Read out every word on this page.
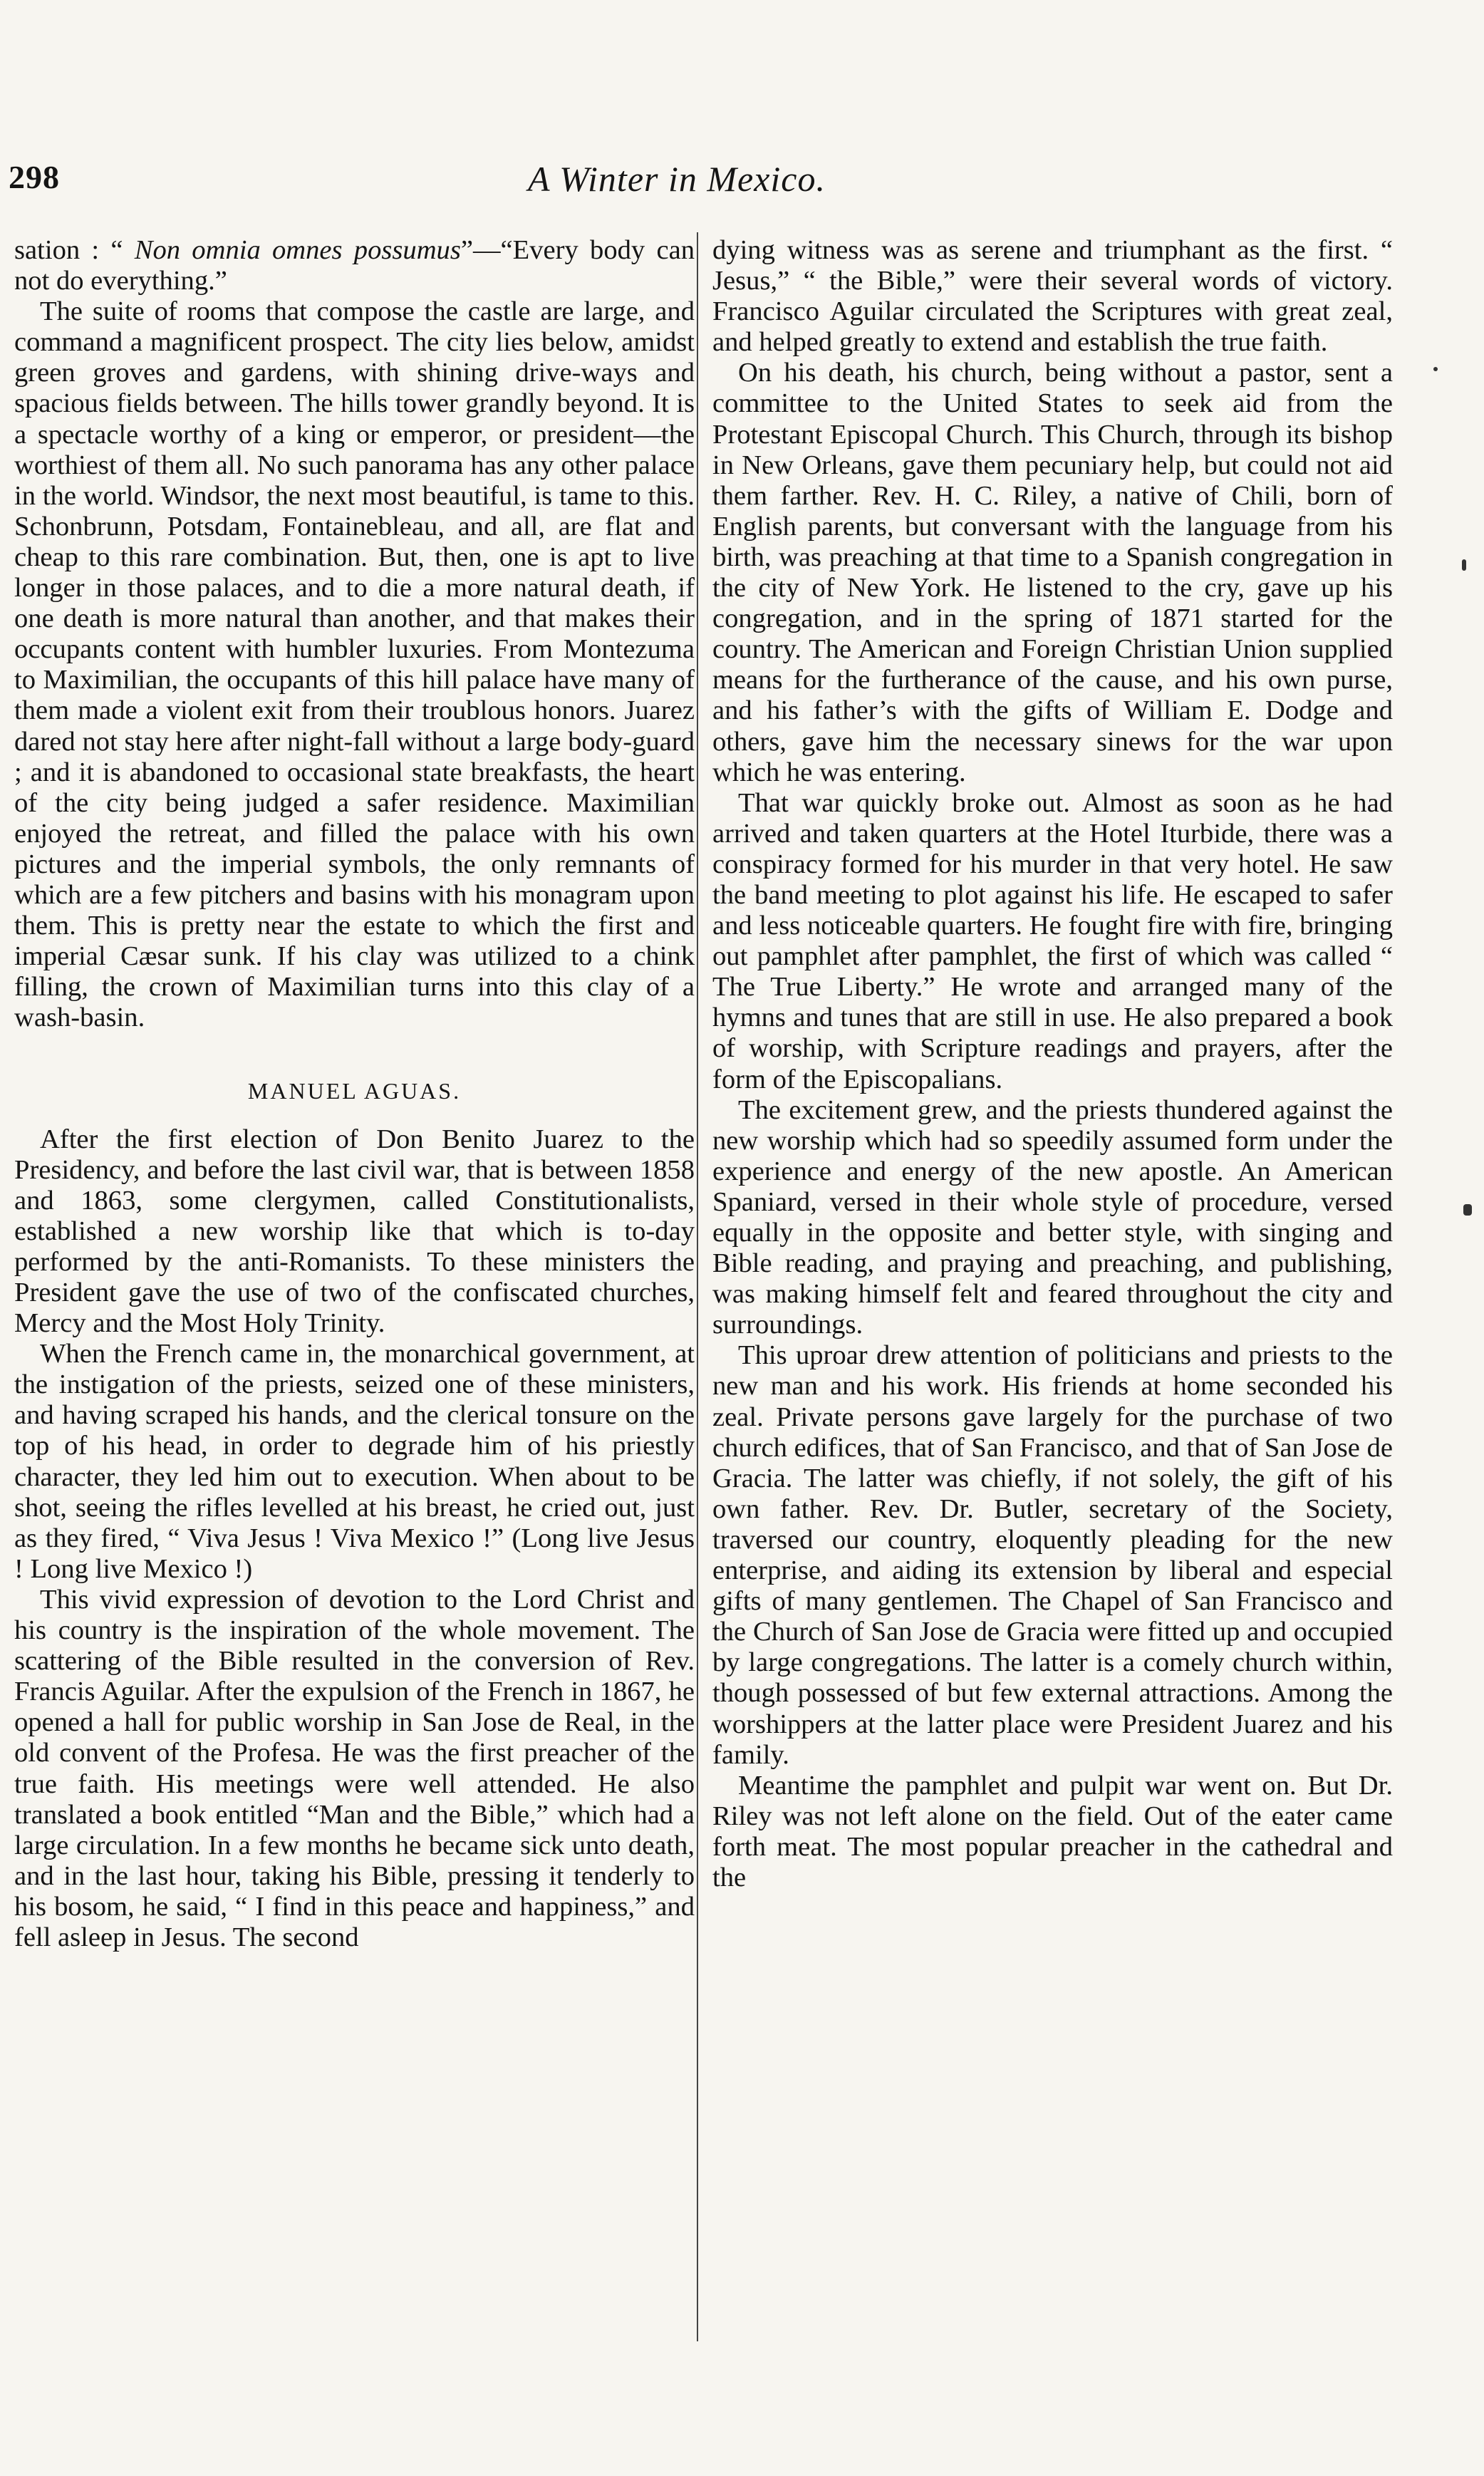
298	A Winter in Mexico.

sation : “ Non omnia omnes possumus”—“Every body can not do everything.”

The suite of rooms that compose the castle are large, and command a magnificent prospect. The city lies below, amidst green groves and gardens, with shining drive-ways and spacious fields between. The hills tower grandly beyond. It is a spectacle worthy of a king or emperor, or president—the worthiest of them all. No such panorama has any other palace in the world. Windsor, the next most beautiful, is tame to this. Schonbrunn, Potsdam, Fontainebleau, and all, are flat and cheap to this rare combination. But, then, one is apt to live longer in those palaces, and to die a more natural death, if one death is more natural than another, and that makes their occupants content with humbler luxuries. From Montezuma to Maximilian, the occupants of this hill palace have many of them made a violent exit from their troublous honors. Juarez dared not stay here after night-fall without a large body-guard ; and it is abandoned to occasional state breakfasts, the heart of the city being judged a safer residence. Maximilian enjoyed the retreat, and filled the palace with his own pictures and the imperial symbols, the only remnants of which are a few pitchers and basins with his monagram upon them. This is pretty near the estate to which the first and imperial Cæsar sunk. If his clay was utilized to a chink filling, the crown of Maximilian turns into this clay of a wash-basin.

MANUEL AGUAS.

After the first election of Don Benito Juarez to the Presidency, and before the last civil war, that is between 1858 and 1863, some clergymen, called Constitutionalists, established a new worship like that which is to-day performed by the anti-Romanists. To these ministers the President gave the use of two of the confiscated churches, Mercy and the Most Holy Trinity.

When the French came in, the monarchical government, at the instigation of the priests, seized one of these ministers, and having scraped his hands, and the clerical tonsure on the top of his head, in order to degrade him of his priestly character, they led him out to execution. When about to be shot, seeing the rifles levelled at his breast, he cried out, just as they fired, “ Viva Jesus ! Viva Mexico !” (Long live Jesus ! Long live Mexico !)

This vivid expression of devotion to the Lord Christ and his country is the inspiration of the whole movement. The scattering of the Bible resulted in the conversion of Rev. Francis Aguilar. After the expulsion of the French in 1867, he opened a hall for public worship in San Jose de Real, in the old convent of the Profesa. He was the first preacher of the true faith. His meetings were well attended. He also translated a book entitled “Man and the Bible,” which had a large circulation. In a few months he became sick unto death, and in the last hour, taking his Bible, pressing it tenderly to his bosom, he said, “ I find in this peace and happiness,” and fell asleep in Jesus. The second

dying witness was as serene and triumphant as the first. “ Jesus,” “ the Bible,” were their several words of victory. Francisco Aguilar circulated the Scriptures with great zeal, and helped greatly to extend and establish the true faith.

On his death, his church, being without a pastor, sent a committee to the United States to seek aid from the Protestant Episcopal Church. This Church, through its bishop in New Orleans, gave them pecuniary help, but could not aid them farther. Rev. H. C. Riley, a native of Chili, born of English parents, but conversant with the language from his birth, was preaching at that time to a Spanish congregation in the city of New York. He listened to the cry, gave up his congregation, and in the spring of 1871 started for the country. The American and Foreign Christian Union supplied means for the furtherance of the cause, and his own purse, and his father’s with the gifts of William E. Dodge and others, gave him the necessary sinews for the war upon which he was entering.

That war quickly broke out. Almost as soon as he had arrived and taken quarters at the Hotel Iturbide, there was a conspiracy formed for his murder in that very hotel. He saw the band meeting to plot against his life. He escaped to safer and less noticeable quarters. He fought fire with fire, bringing out pamphlet after pamphlet, the first of which was called “ The True Liberty.” He wrote and arranged many of the hymns and tunes that are still in use. He also prepared a book of worship, with Scripture readings and prayers, after the form of the Episcopalians.

The excitement grew, and the priests thundered against the new worship which had so speedily assumed form under the experience and energy of the new apostle. An American Spaniard, versed in their whole style of procedure, versed equally in the opposite and better style, with singing and Bible reading, and praying and preaching, and publishing, was making himself felt and feared throughout the city and surroundings.

This uproar drew attention of politicians and priests to the new man and his work. His friends at home seconded his zeal. Private persons gave largely for the purchase of two church edifices, that of San Francisco, and that of San Jose de Gracia. The latter was chiefly, if not solely, the gift of his own father. Rev. Dr. Butler, secretary of the Society, traversed our country, eloquently pleading for the new enterprise, and aiding its extension by liberal and especial gifts of many gentlemen. The Chapel of San Francisco and the Church of San Jose de Gracia were fitted up and occupied by large congregations. The latter is a comely church within, though possessed of but few external attractions. Among the worshippers at the latter place were President Juarez and his family.

Meantime the pamphlet and pulpit war went on. But Dr. Riley was not left alone on the field. Out of the eater came forth meat. The most popular preacher in the cathedral and the
